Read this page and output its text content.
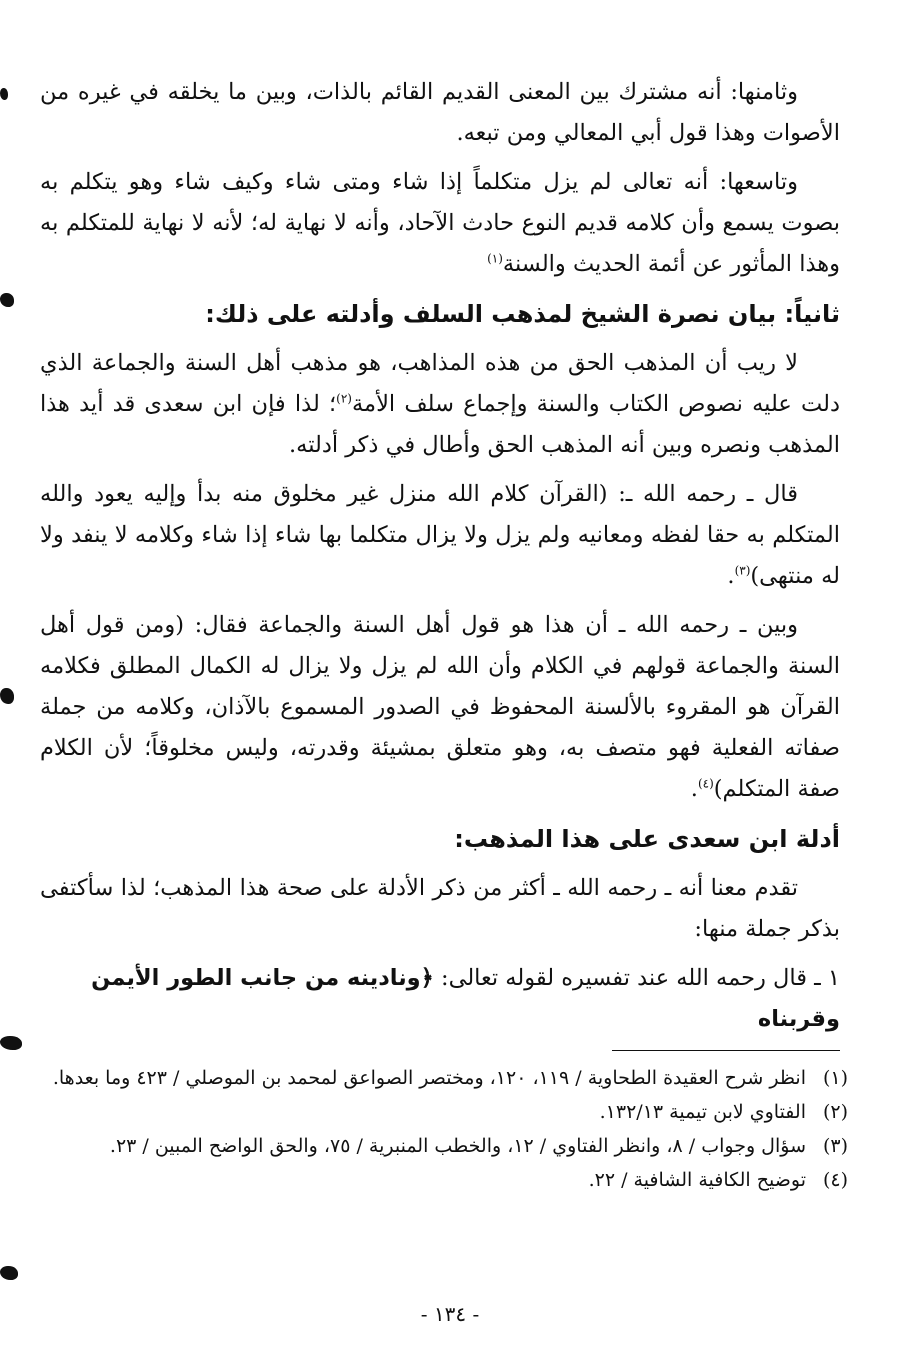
وثامنها: أنه مشترك بين المعنى القديم القائم بالذات، وبين ما يخلقه في غيره من الأصوات وهذا قول أبي المعالي ومن تبعه.

وتاسعها: أنه تعالى لم يزل متكلماً إذا شاء ومتى شاء وكيف شاء وهو يتكلم به بصوت يسمع وأن كلامه قديم النوع حادث الآحاد، وأنه لا نهاية له؛ لأنه لا نهاية للمتكلم به وهذا المأثور عن أئمة الحديث والسنة$^{(١)}$

ثانياً: بيان نصرة الشيخ لمذهب السلف وأدلته على ذلك:

لا ريب أن المذهب الحق من هذه المذاهب، هو مذهب أهل السنة والجماعة الذي دلت عليه نصوص الكتاب والسنة وإجماع سلف الأمة$^{(٢)}$؛ لذا فإن ابن سعدى قد أيد هذا المذهب ونصره وبين أنه المذهب الحق وأطال في ذكر أدلته.

قال ـ رحمه الله ـ: (القرآن كلام الله منزل غير مخلوق منه بدأ وإليه يعود والله المتكلم به حقا لفظه ومعانيه ولم يزل ولا يزال متكلما بها شاء إذا شاء وكلامه لا ينفد ولا له منتهى)$^{(٣)}$.

وبين ـ رحمه الله ـ أن هذا هو قول أهل السنة والجماعة فقال: (ومن قول أهل السنة والجماعة قولهم في الكلام وأن الله لم يزل ولا يزال له الكمال المطلق فكلامه القرآن هو المقروء بالألسنة المحفوظ في الصدور المسموع بالآذان، وكلامه من جملة صفاته الفعلية فهو متصف به، وهو متعلق بمشيئة وقدرته، وليس مخلوقاً؛ لأن الكلام صفة المتكلم)$^{(٤)}$.

أدلة ابن سعدى على هذا المذهب:

تقدم معنا أنه ـ رحمه الله ـ أكثر من ذكر الأدلة على صحة هذا المذهب؛ لذا سأكتفى بذكر جملة منها:

١ ـ قال رحمه الله عند تفسيره لقوله تعالى: ﴿ونادينه من جانب الطور الأيمن وقربناه

(١)
انظر شرح العقيدة الطحاوية / ١١٩، ١٢٠، ومختصر الصواعق لمحمد بن الموصلي / ٤٢٣ وما بعدها.
(٢)
الفتاوي لابن تيمية ١٣٢/١٣.
(٣)
سؤال وجواب / ٨، وانظر الفتاوي / ١٢، والخطب المنبرية / ٧٥، والحق الواضح المبين / ٢٣.
(٤)
توضيح الكافية الشافية / ٢٢.
- ١٣٤ -
